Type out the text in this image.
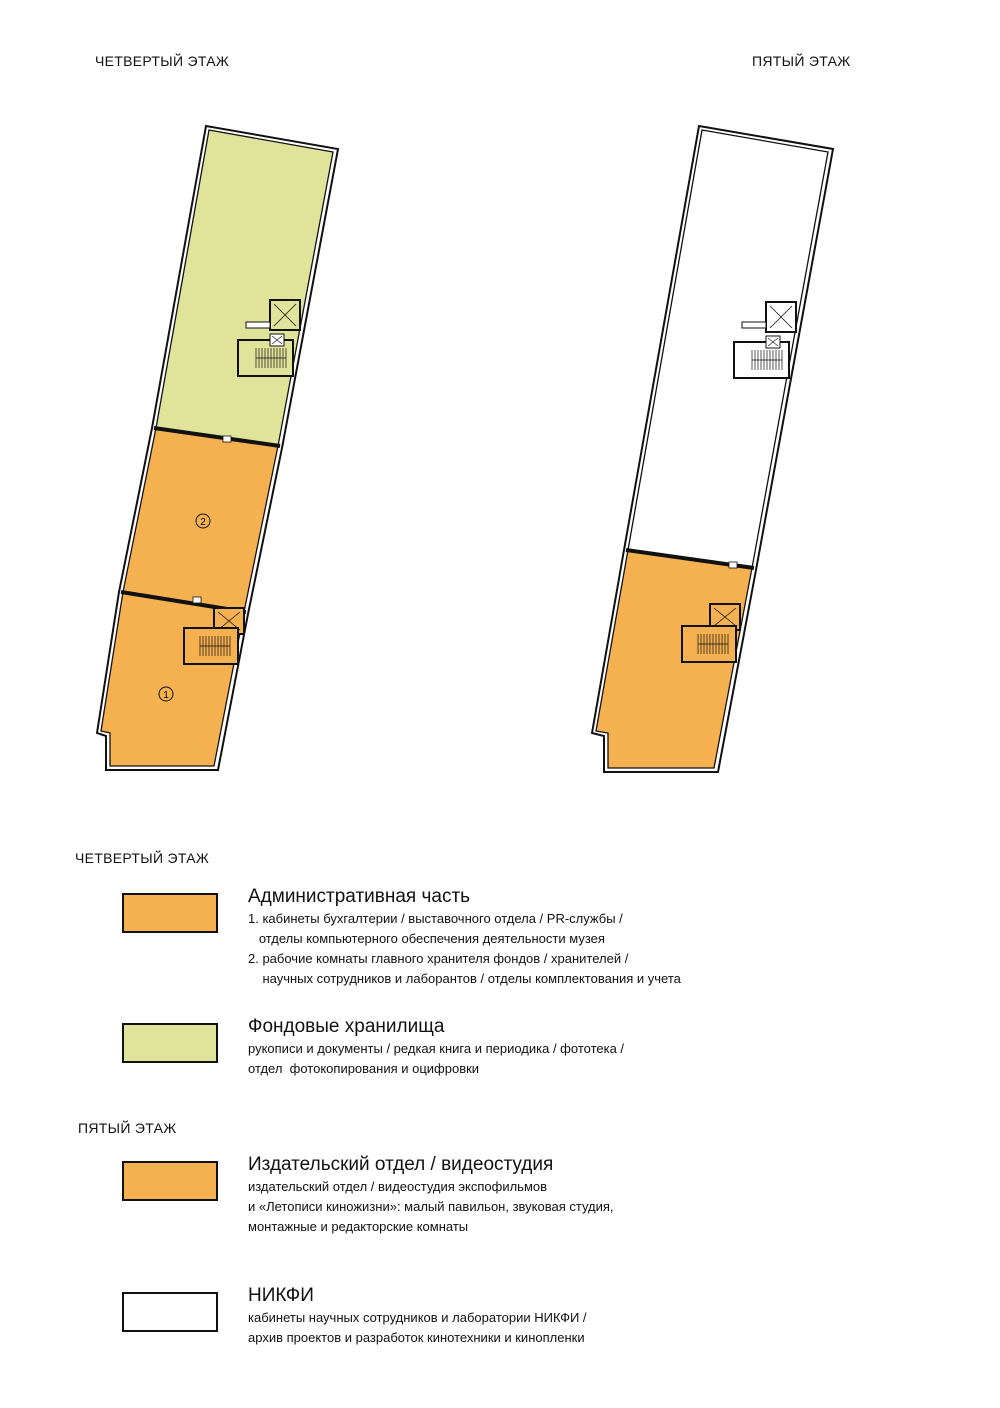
ЧЕТВЕРТЫЙ ЭТАЖ	ПЯТЫЙ ЭТАЖ
2
1
ЧЕТВЕРТЫЙ ЭТАЖ
Административная часть
1. кабинеты бухгалтерии / выставочного отдела / PR-службы /
отделы компьютерного обеспечения деятельности музея
2. рабочие комнаты главного хранителя фондов / хранителей /
научных сотрудников и лаборантов / отделы комплектования и учета
Фондовые хранилища
рукописи и документы / редкая книга и периодика / фототека /
отдел  фотокопирования и оцифровки
ПЯТЫЙ ЭТАЖ
Издательский отдел / видеостудия
издательский отдел / видеостудия экспофильмов
и «Летописи киножизни»: малый павильон, звуковая студия,
монтажные и редакторские комнаты
НИКФИ
кабинеты научных сотрудников и лаборатории НИКФИ /
архив проектов и разработок кинотехники и кинопленки
